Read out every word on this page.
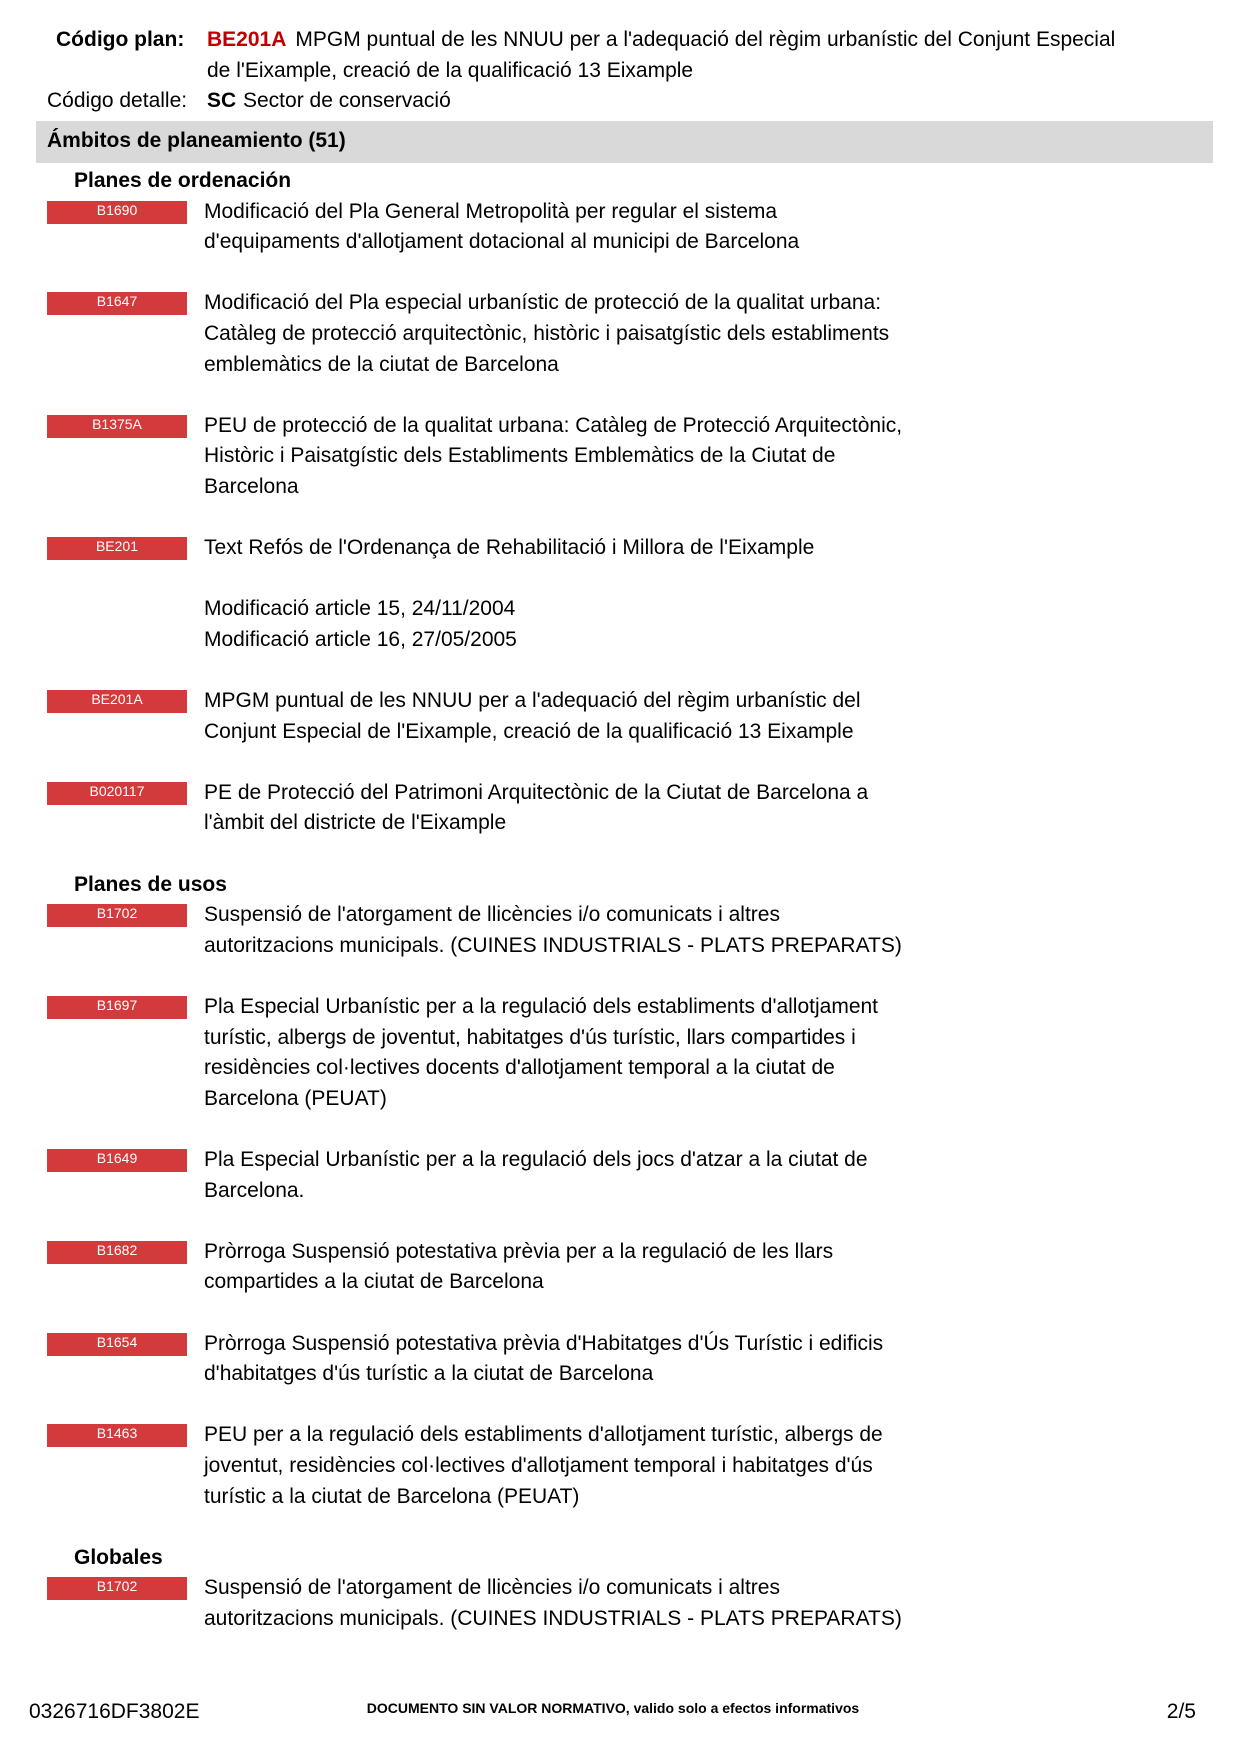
Código plan: BE201A MPGM puntual de les NNUU per a l'adequació del règim urbanístic del Conjunt Especial
de l'Eixample, creació de la qualificació 13 Eixample
Código detalle: SC Sector de conservació
Ámbitos de planeamiento (51)
Planes de ordenación
B1690	Modificació del Pla General Metropolità per regular el sistema
d'equipaments d'allotjament dotacional al municipi de Barcelona
B1647	Modificació del Pla especial urbanístic de protecció de la qualitat urbana:
Catàleg de protecció arquitectònic, històric i paisatgístic dels establiments
emblemàtics de la ciutat de Barcelona
B1375A	PEU de protecció de la qualitat urbana: Catàleg de Protecció Arquitectònic,
Històric i Paisatgístic dels Establiments Emblemàtics de la Ciutat de
Barcelona
BE201	Text Refós de l'Ordenança de Rehabilitació i Millora de l'Eixample
Modificació article 15, 24/11/2004
Modificació article 16, 27/05/2005
BE201A	MPGM puntual de les NNUU per a l'adequació del règim urbanístic del
Conjunt Especial de l'Eixample, creació de la qualificació 13 Eixample
B020117	PE de Protecció del Patrimoni Arquitectònic de la Ciutat de Barcelona a
l'àmbit del districte de l'Eixample
Planes de usos
B1702	Suspensió de l'atorgament de llicències i/o comunicats i altres
autoritzacions municipals. (CUINES INDUSTRIALS - PLATS PREPARATS)
B1697	Pla Especial Urbanístic per a la regulació dels establiments d'allotjament
turístic, albergs de joventut, habitatges d'ús turístic, llars compartides i
residències col·lectives docents d'allotjament temporal a la ciutat de
Barcelona (PEUAT)
B1649	Pla Especial Urbanístic per a la regulació dels jocs d'atzar a la ciutat de
Barcelona.
B1682	Pròrroga Suspensió potestativa prèvia per a la regulació de les llars
compartides a la ciutat de Barcelona
B1654	Pròrroga Suspensió potestativa prèvia d'Habitatges d'Ús Turístic i edificis
d'habitatges d'ús turístic a la ciutat de Barcelona
B1463	PEU per a la regulació dels establiments d'allotjament turístic, albergs de
joventut, residències col·lectives d'allotjament temporal i habitatges d'ús
turístic a la ciutat de Barcelona (PEUAT)
Globales
B1702	Suspensió de l'atorgament de llicències i/o comunicats i altres
autoritzacions municipals. (CUINES INDUSTRIALS - PLATS PREPARATS)
0326716DF3802E	DOCUMENTO SIN VALOR NORMATIVO, valido solo a efectos informativos	2/5
